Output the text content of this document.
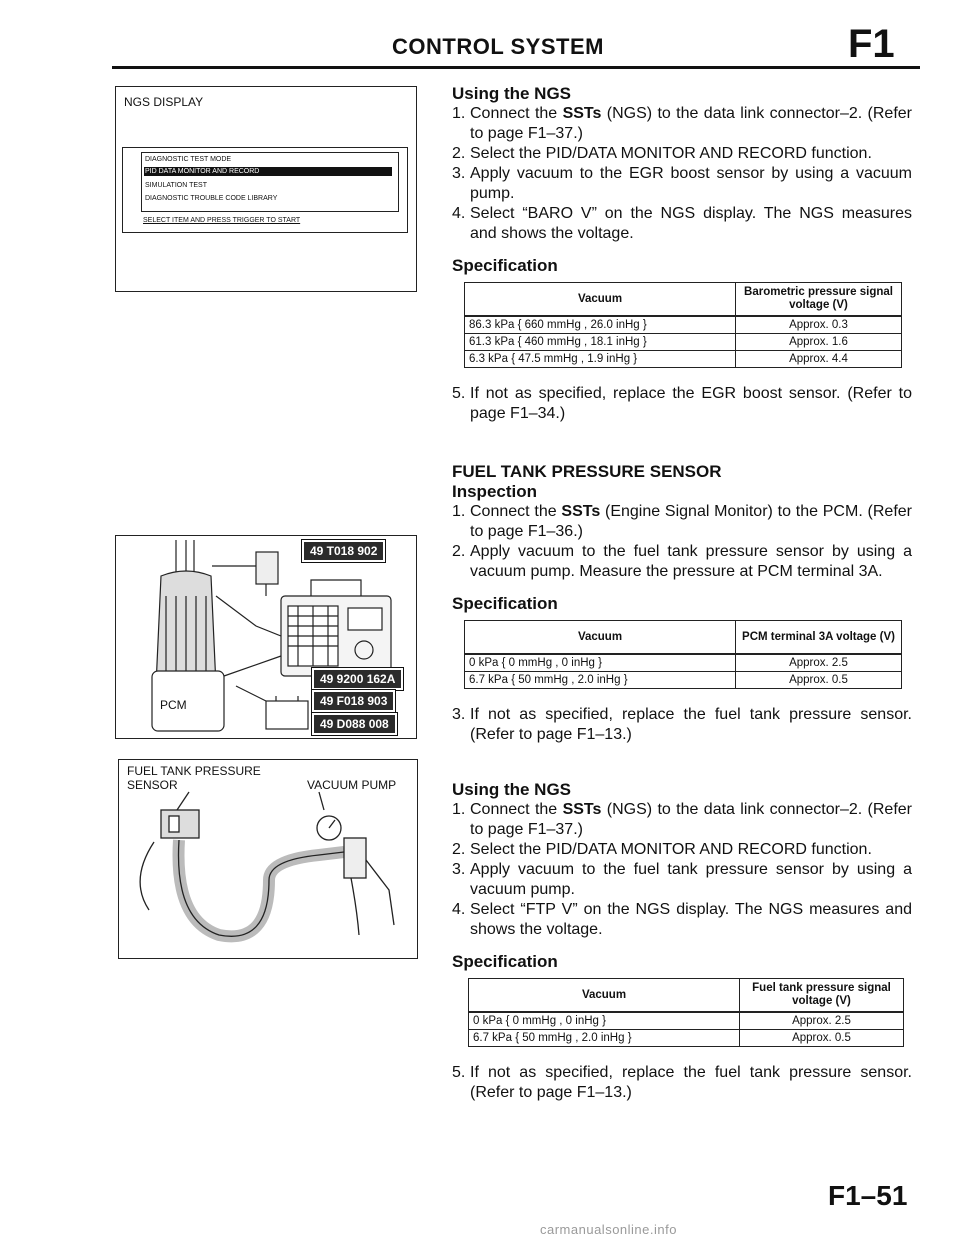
CONTROL SYSTEM	F1
NGS DISPLAY
DIAGNOSTIC TEST MODE
PID DATA MONITOR AND RECORD
SIMULATION TEST
DIAGNOSTIC TROUBLE CODE LIBRARY
SELECT ITEM AND PRESS TRIGGER TO START
PCM
49 T018 902
49 9200 162A
49 F018 903
49 D088 008
FUEL TANK PRESSURE
SENSOR	VACUUM PUMP
Using the NGS
1. Connect the SSTs (NGS) to the data link connector–2. (Refer to page F1–37.)
2. Select the PID/DATA MONITOR AND RECORD function.
3. Apply vacuum to the EGR boost sensor by using a vacuum pump.
4. Select “BARO V” on the NGS display. The NGS measures and shows the voltage.
Specification
Vacuum	Barometric pressure signal voltage (V)
86.3 kPa { 660 mmHg , 26.0 inHg }	Approx. 0.3
61.3 kPa { 460 mmHg , 18.1 inHg }	Approx. 1.6
6.3 kPa { 47.5 mmHg , 1.9 inHg }	Approx. 4.4
5. If not as specified, replace the EGR boost sensor. (Refer to page F1–34.)
FUEL TANK PRESSURE SENSOR
Inspection
1. Connect the SSTs (Engine Signal Monitor) to the PCM. (Refer to page F1–36.)
2. Apply vacuum to the fuel tank pressure sensor by using a vacuum pump. Measure the pressure at PCM terminal 3A.
Specification
Vacuum	PCM terminal 3A voltage (V)
0 kPa { 0 mmHg , 0 inHg }	Approx. 2.5
6.7 kPa { 50 mmHg , 2.0 inHg }	Approx. 0.5
3. If not as specified, replace the fuel tank pressure sensor. (Refer to page F1–13.)
Using the NGS
1. Connect the SSTs (NGS) to the data link connector–2. (Refer to page F1–37.)
2. Select the PID/DATA MONITOR AND RECORD function.
3. Apply vacuum to the fuel tank pressure sensor by using a vacuum pump.
4. Select “FTP V” on the NGS display. The NGS measures and shows the voltage.
Specification
Vacuum	Fuel tank pressure signal voltage (V)
0 kPa { 0 mmHg , 0 inHg }	Approx. 2.5
6.7 kPa { 50 mmHg , 2.0 inHg }	Approx. 0.5
5. If not as specified, replace the fuel tank pressure sensor. (Refer to page F1–13.)
F1–51
carmanualsonline.info
